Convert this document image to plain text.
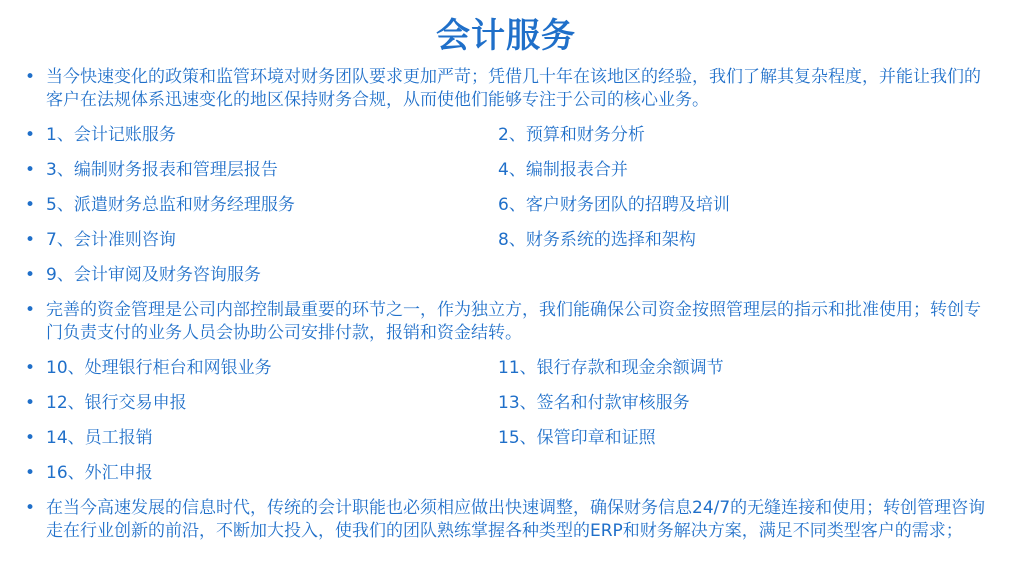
会计服务
• 当今快速变化的政策和监管环境对财务团队要求更加严苛；凭借几十年在该地区的经验，我们了解其复杂程度，并能让我们的客户在法规体系迅速变化的地区保持财务合规，从而使他们能够专注于公司的核心业务。
• 1、会计记账服务	2、预算和财务分析
• 3、编制财务报表和管理层报告	4、编制报表合并
• 5、派遣财务总监和财务经理服务	6、客户财务团队的招聘及培训
• 7、会计准则咨询	8、财务系统的选择和架构
• 9、会计审阅及财务咨询服务
• 完善的资金管理是公司内部控制最重要的环节之一，作为独立方，我们能确保公司资金按照管理层的指示和批准使用；转创专门负责支付的业务人员会协助公司安排付款，报销和资金结转。
• 10、处理银行柜台和网银业务	11、银行存款和现金余额调节
• 12、银行交易申报	13、签名和付款审核服务
• 14、员工报销	15、保管印章和证照
• 16、外汇申报
• 在当今高速发展的信息时代，传统的会计职能也必须相应做出快速调整，确保财务信息24/7的无缝连接和使用；转创管理咨询走在行业创新的前沿，不断加大投入，使我们的团队熟练掌握各种类型的ERP和财务解决方案，满足不同类型客户的需求；
